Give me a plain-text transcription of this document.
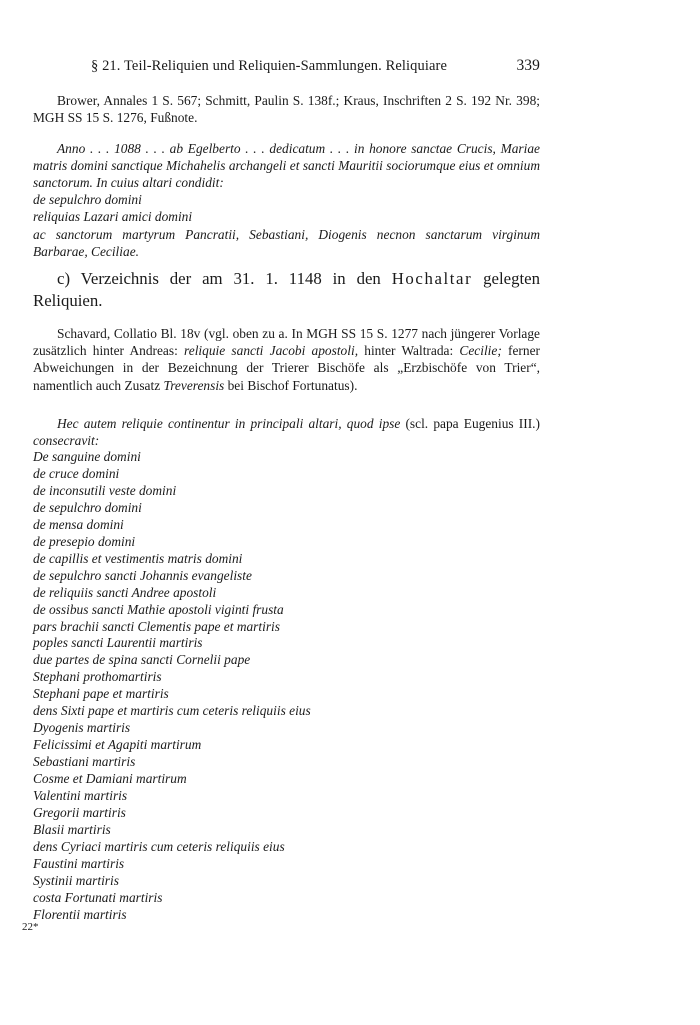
§ 21. Teil-Reliquien und Reliquien-Sammlungen. Reliquiare	339
Brower, Annales 1 S. 567; Schmitt, Paulin S. 138f.; Kraus, Inschriften 2 S. 192 Nr. 398; MGH SS 15 S. 1276, Fußnote.
Anno . . . 1088 . . . ab Egelberto . . . dedicatum . . . in honore sanctae Crucis, Mariae matris domini sanctique Michahelis archangeli et sancti Mauritii sociorumque eius et omnium sanctorum. In cuius altari condidit:
de sepulchro domini
reliquias Lazari amici domini
ac sanctorum martyrum Pancratii, Sebastiani, Diogenis necnon sanctarum virginum Barbarae, Ceciliae.
c) Verzeichnis der am 31. 1. 1148 in den Hochaltar gelegten Reliquien.
Schavard, Collatio Bl. 18v (vgl. oben zu a. In MGH SS 15 S. 1277 nach jüngerer Vorlage zusätzlich hinter Andreas: reliquie sancti Jacobi apostoli, hinter Waltrada: Cecilie; ferner Abweichungen in der Bezeichnung der Trierer Bischöfe als „Erzbischöfe von Trier“, namentlich auch Zusatz Treverensis bei Bischof Fortunatus).
Hec autem reliquie continentur in principali altari, quod ipse (scl. papa Eugenius III.) consecravit:
De sanguine domini
de cruce domini
de inconsutili veste domini
de sepulchro domini
de mensa domini
de presepio domini
de capillis et vestimentis matris domini
de sepulchro sancti Johannis evangeliste
de reliquiis sancti Andree apostoli
de ossibus sancti Mathie apostoli viginti frusta
pars brachii sancti Clementis pape et martiris
poples sancti Laurentii martiris
due partes de spina sancti Cornelii pape
Stephani prothomartiris
Stephani pape et martiris
dens Sixti pape et martiris cum ceteris reliquiis eius
Dyogenis martiris
Felicissimi et Agapiti martirum
Sebastiani martiris
Cosme et Damiani martirum
Valentini martiris
Gregorii martiris
Blasii martiris
dens Cyriaci martiris cum ceteris reliquiis eius
Faustini martiris
Systinii martiris
costa Fortunati martiris
Florentii martiris
22*
